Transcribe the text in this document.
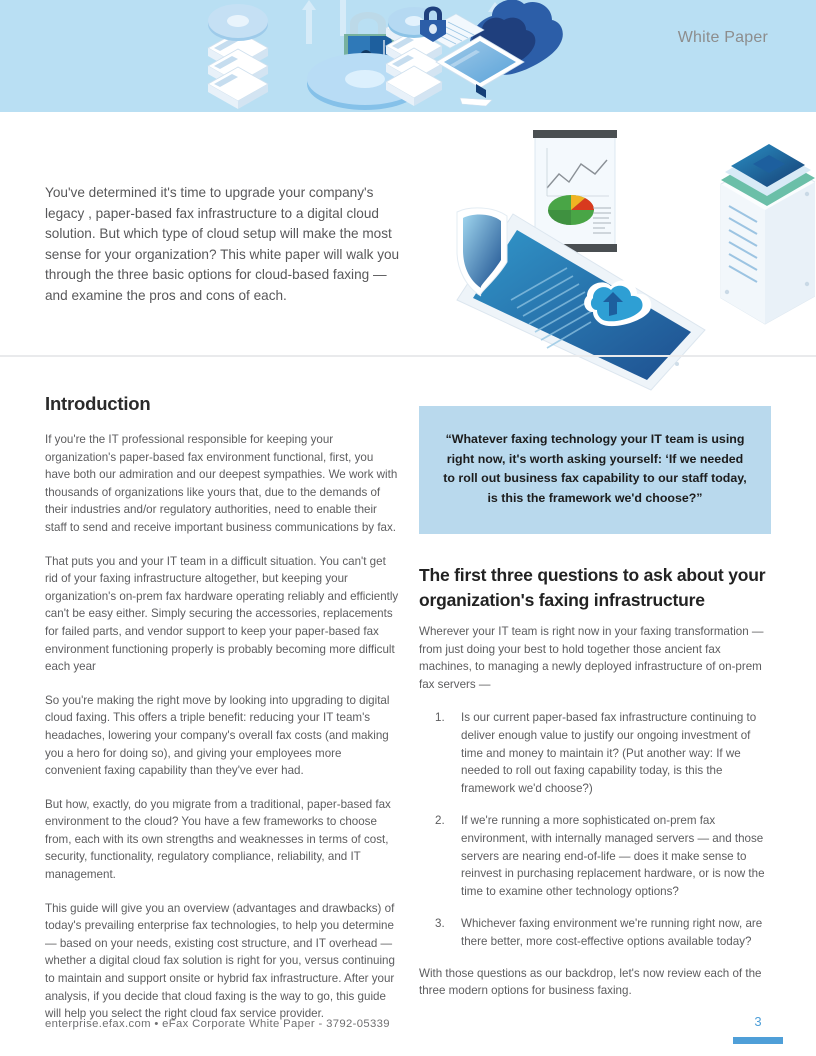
White Paper
You've determined it's time to upgrade your company's legacy , paper-based fax infrastructure to a digital cloud solution. But which type of cloud setup will make the most sense for your organization? This white paper will walk you through the three basic options for cloud-based faxing — and examine the pros and cons of each.
Introduction

If you're the IT professional responsible for keeping your organization's paper-based fax environment functional, first, you have both our admiration and our deepest sympathies. We work with thousands of organizations like yours that, due to the demands of their industries and/or regulatory authorities, need to enable their staff to send and receive important business communications by fax.

That puts you and your IT team in a difficult situation. You can't get rid of your faxing infrastructure altogether, but keeping your organization's on-prem fax hardware operating reliably and efficiently can't be easy either. Simply securing the accessories, replacements for failed parts, and vendor support to keep your paper-based fax environment functioning properly is probably becoming more difficult each year

So you're making the right move by looking into upgrading to digital cloud faxing. This offers a triple benefit: reducing your IT team's headaches, lowering your company's overall fax costs (and making you a hero for doing so), and giving your employees more convenient faxing capability than they've ever had.

But how, exactly, do you migrate from a traditional, paper-based fax environment to the cloud? You have a few frameworks to choose from, each with its own strengths and weaknesses in terms of cost, security, functionality, regulatory compliance, reliability, and IT management.

This guide will give you an overview (advantages and drawbacks) of today's prevailing enterprise fax technologies, to help you determine — based on your needs, existing cost structure, and IT overhead — whether a digital cloud fax solution is right for you, versus continuing to maintain and support onsite or hybrid fax infrastructure. After your analysis, if you decide that cloud faxing is the way to go, this guide will help you select the right cloud fax service provider.

“Whatever faxing technology your IT team is using right now, it's worth asking yourself: ‘If we needed to roll out business fax capability to our staff today, is this the framework we'd choose?”

The first three questions to ask about your organization's faxing infrastructure

Wherever your IT team is right now in your faxing transformation — from just doing your best to hold together those ancient fax machines, to managing a newly deployed infrastructure of on-prem fax servers —

1. Is our current paper-based fax infrastructure continuing to deliver enough value to justify our ongoing investment of time and money to maintain it? (Put another way: If we needed to roll out faxing capability today, is this the framework we'd choose?)
2. If we're running a more sophisticated on-prem fax environment, with internally managed servers — and those servers are nearing end-of-life — does it make sense to reinvest in purchasing replacement hardware, or is now the time to examine other technology options?
3. Whichever faxing environment we're running right now, are there better, more cost-effective options available today?

With those questions as our backdrop, let's now review each of the three modern options for business faxing.

enterprise.efax.com • eFax Corporate White Paper - 3792-05339	3
